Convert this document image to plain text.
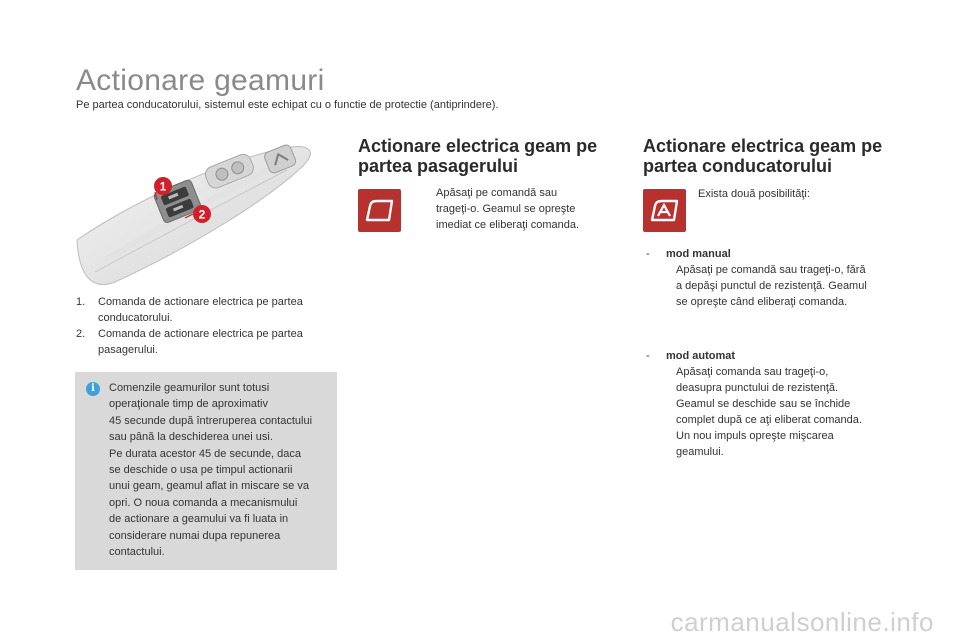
Actionare geamuri

Pe partea conducatorului, sistemul este echipat cu o functie de protectie (antiprindere).

1
2
1. Comanda de actionare electrica pe partea
conducatorului.
2. Comanda de actionare electrica pe partea
pasagerului.
i	Comenzile geamurilor sunt totusi
operaţionale timp de aproximativ
45 secunde după întreruperea contactului
sau până la deschiderea unei usi.
Pe durata acestor 45 de secunde, daca
se deschide o usa pe timpul actionarii
unui geam, geamul aflat in miscare se va
opri. O noua comanda a mecanismului
de actionare a geamului va fi luata in
considerare numai dupa repunerea
contactului.
Actionare electrica geam pe
partea pasagerului
Apăsaţi pe comandă sau
trageţi-o. Geamul se opreşte
imediat ce eliberaţi comanda.
Actionare electrica geam pe
partea conducatorului
Exista două posibilităţi:
- mod manual
Apăsaţi pe comandă sau trageţi-o, fără
a depăşi punctul de rezistenţă. Geamul
se opreşte când eliberaţi comanda.
- mod automat
Apăsaţi comanda sau trageţi-o,
deasupra punctului de rezistenţă.
Geamul se deschide sau se închide
complet după ce aţi eliberat comanda.
Un nou impuls opreşte mişcarea
geamului.
carmanualsonline.info
